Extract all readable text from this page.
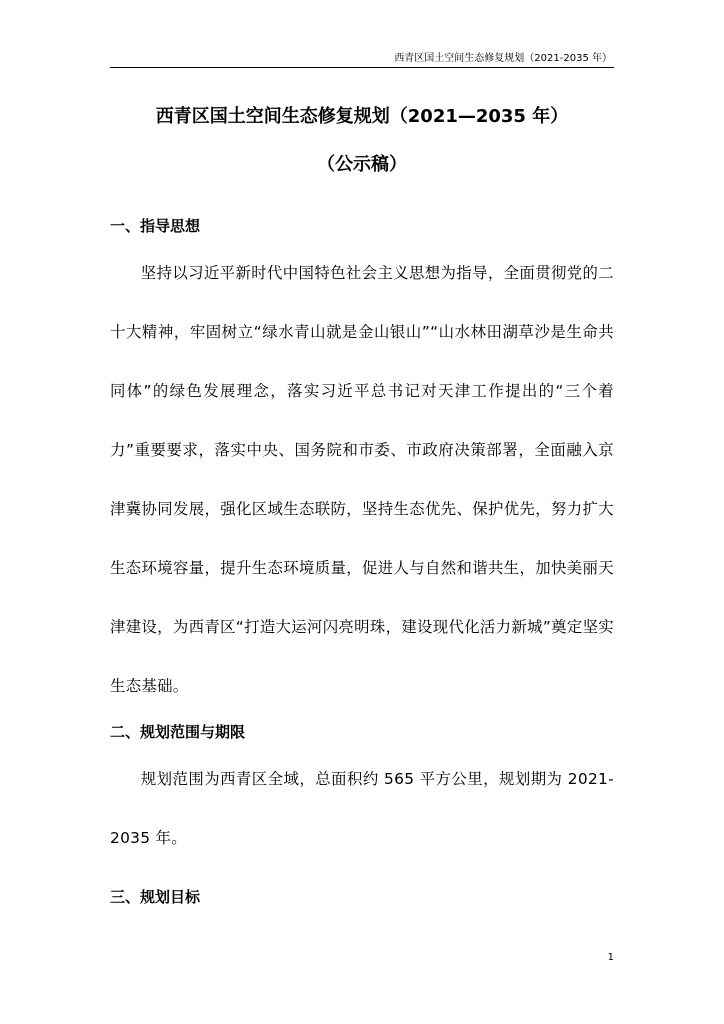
西青区国土空间生态修复规划（2021-2035 年）
西青区国土空间生态修复规划（2021—2035 年）
（公示稿）
一、指导思想

坚持以习近平新时代中国特色社会主义思想为指导，全面贯彻党的二十大精神，牢固树立“绿水青山就是金山银山”“山水林田湖草沙是生命共同体”的绿色发展理念，落实习近平总书记对天津工作提出的“三个着力”重要要求，落实中央、国务院和市委、市政府决策部署，全面融入京津冀协同发展，强化区域生态联防，坚持生态优先、保护优先，努力扩大生态环境容量，提升生态环境质量，促进人与自然和谐共生，加快美丽天津建设，为西青区“打造大运河闪亮明珠，建设现代化活力新城”奠定坚实生态基础。

二、规划范围与期限

规划范围为西青区全域，总面积约 565 平方公里，规划期为 2021-2035 年。

三、规划目标
1
